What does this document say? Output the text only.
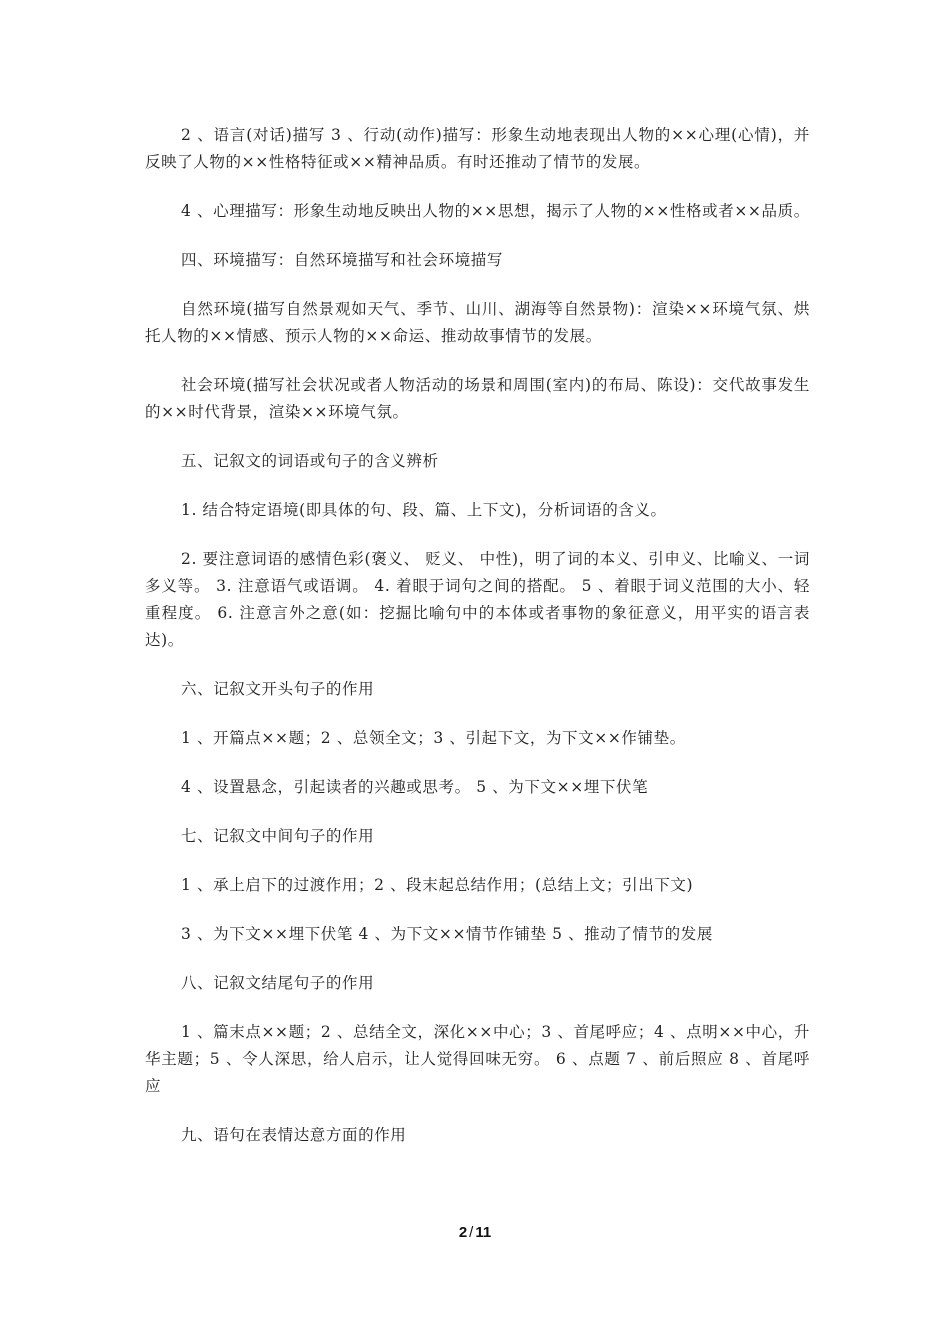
2 、语言(对话)描写 3 、行动(动作)描写：形象生动地表现出人物的××心理(心情)，并反映了人物的××性格特征或××精神品质。有时还推动了情节的发展。

4 、心理描写：形象生动地反映出人物的××思想，揭示了人物的××性格或者××品质。

四、环境描写：自然环境描写和社会环境描写

自然环境(描写自然景观如天气、季节、山川、湖海等自然景物)：渲染××环境气氛、烘托人物的××情感、预示人物的××命运、推动故事情节的发展。

社会环境(描写社会状况或者人物活动的场景和周围(室内)的布局、陈设)：交代故事发生的××时代背景，渲染××环境气氛。

五、记叙文的词语或句子的含义辨析

1. 结合特定语境(即具体的句、段、篇、上下文)，分析词语的含义。

2. 要注意词语的感情色彩(褒义、 贬义、 中性)，明了词的本义、引申义、比喻义、一词多义等。 3. 注意语气或语调。 4. 着眼于词句之间的搭配。 5 、着眼于词义范围的大小、轻重程度。 6. 注意言外之意(如：挖掘比喻句中的本体或者事物的象征意义，用平实的语言表达)。

六、记叙文开头句子的作用

1 、开篇点××题；2 、总领全文；3 、引起下文，为下文××作铺垫。

4 、设置悬念，引起读者的兴趣或思考。 5 、为下文××埋下伏笔

七、记叙文中间句子的作用

1 、承上启下的过渡作用；2 、段末起总结作用；(总结上文；引出下文)

3 、为下文××埋下伏笔 4 、为下文××情节作铺垫 5 、推动了情节的发展

八、记叙文结尾句子的作用

1 、篇末点××题；2 、总结全文，深化××中心；3 、首尾呼应；4 、点明××中心，升华主题；5 、令人深思，给人启示，让人觉得回味无穷。 6 、点题 7 、前后照应 8 、首尾呼应

九、语句在表情达意方面的作用

2 / 11
